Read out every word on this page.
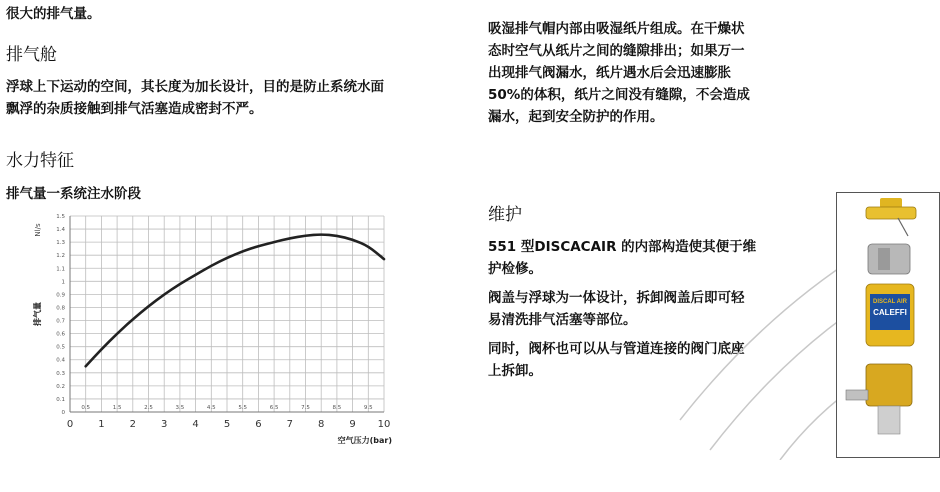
很大的排气量。
排气舱
浮球上下运动的空间，其长度为加长设计，目的是防止系统水面
飘浮的杂质接触到排气活塞造成密封不严。
水力特征
排气量一系统注水阶段
0
0.1
0.2
0.3
0.4
0.5
0.6
0.7
0.8
0.9
1
1.1
1.2
1.3
1.4
1.5
0	1	2	3	4	5	6	7	8	9 10
0.5	1.5	2.5	3.5	4.5	5.5	6.5	7.5	8.5	9.5
空气压力(bar)
Nl/s
排气量
吸湿排气帽内部由吸湿纸片组成。在干燥状
态时空气从纸片之间的缝隙排出；如果万一
出现排气阀漏水，纸片遇水后会迅速膨胀
50%的体积，纸片之间没有缝隙，不会造成
漏水，起到安全防护的作用。
维护

551 型DISCACAIR 的内部构造使其便于维
护检修。

阀盖与浮球为一体设计，拆卸阀盖后即可轻
易清洗排气活塞等部位。

同时，阀杯也可以从与管道连接的阀门底座
上拆卸。

DISCAL AIR
CALEFFI
